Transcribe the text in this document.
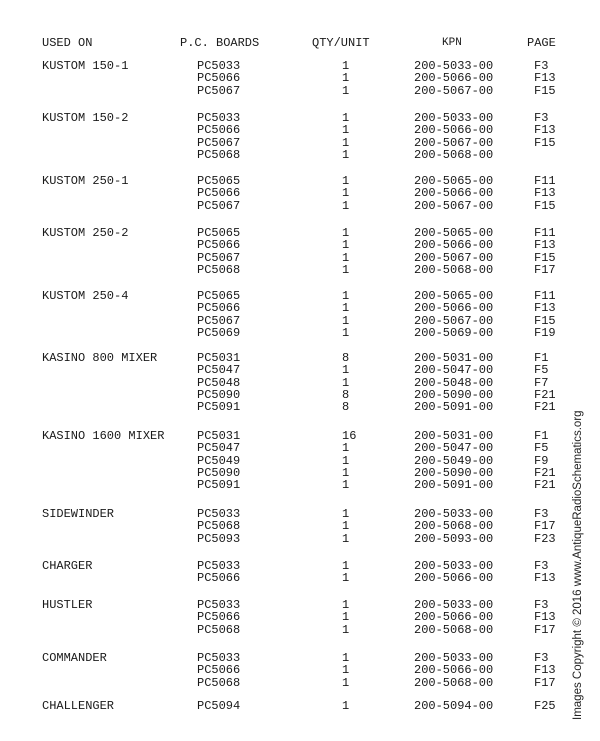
USED ON	P.C. BOARDS	QTY/UNIT	KPN	PAGE
KUSTOM 150-1	PC5033	1	200-5033-00	F3
PC5066	1	200-5066-00	F13
PC5067	1	200-5067-00	F15
KUSTOM 150-2	PC5033	1	200-5033-00	F3
PC5066	1	200-5066-00	F13
PC5067	1	200-5067-00	F15
PC5068	1	200-5068-00
KUSTOM 250-1	PC5065	1	200-5065-00	F11
PC5066	1	200-5066-00	F13
PC5067	1	200-5067-00	F15
KUSTOM 250-2	PC5065	1	200-5065-00	F11
PC5066	1	200-5066-00	F13
PC5067	1	200-5067-00	F15
PC5068	1	200-5068-00	F17
KUSTOM 250-4	PC5065	1	200-5065-00	F11
PC5066	1	200-5066-00	F13
PC5067	1	200-5067-00	F15
PC5069	1	200-5069-00	F19
KASINO 800 MIXER	PC5031	8	200-5031-00	F1
PC5047	1	200-5047-00	F5
PC5048	1	200-5048-00	F7
PC5090	8	200-5090-00	F21
PC5091	8	200-5091-00	F21
KASINO 1600 MIXER	PC5031	16	200-5031-00	F1
PC5047	1	200-5047-00	F5
PC5049	1	200-5049-00	F9
PC5090	1	200-5090-00	F21
PC5091	1	200-5091-00	F21
SIDEWINDER	PC5033	1	200-5033-00	F3
PC5068	1	200-5068-00	F17
PC5093	1	200-5093-00	F23
CHARGER	PC5033	1	200-5033-00	F3
PC5066	1	200-5066-00	F13
HUSTLER	PC5033	1	200-5033-00	F3
PC5066	1	200-5066-00	F13
PC5068	1	200-5068-00	F17
COMMANDER	PC5033	1	200-5033-00	F3
PC5066	1	200-5066-00	F13
PC5068	1	200-5068-00	F17
CHALLENGER	PC5094	1	200-5094-00	F25 Images Copyright © 2016 www.AntiqueRadioSchematics.org
